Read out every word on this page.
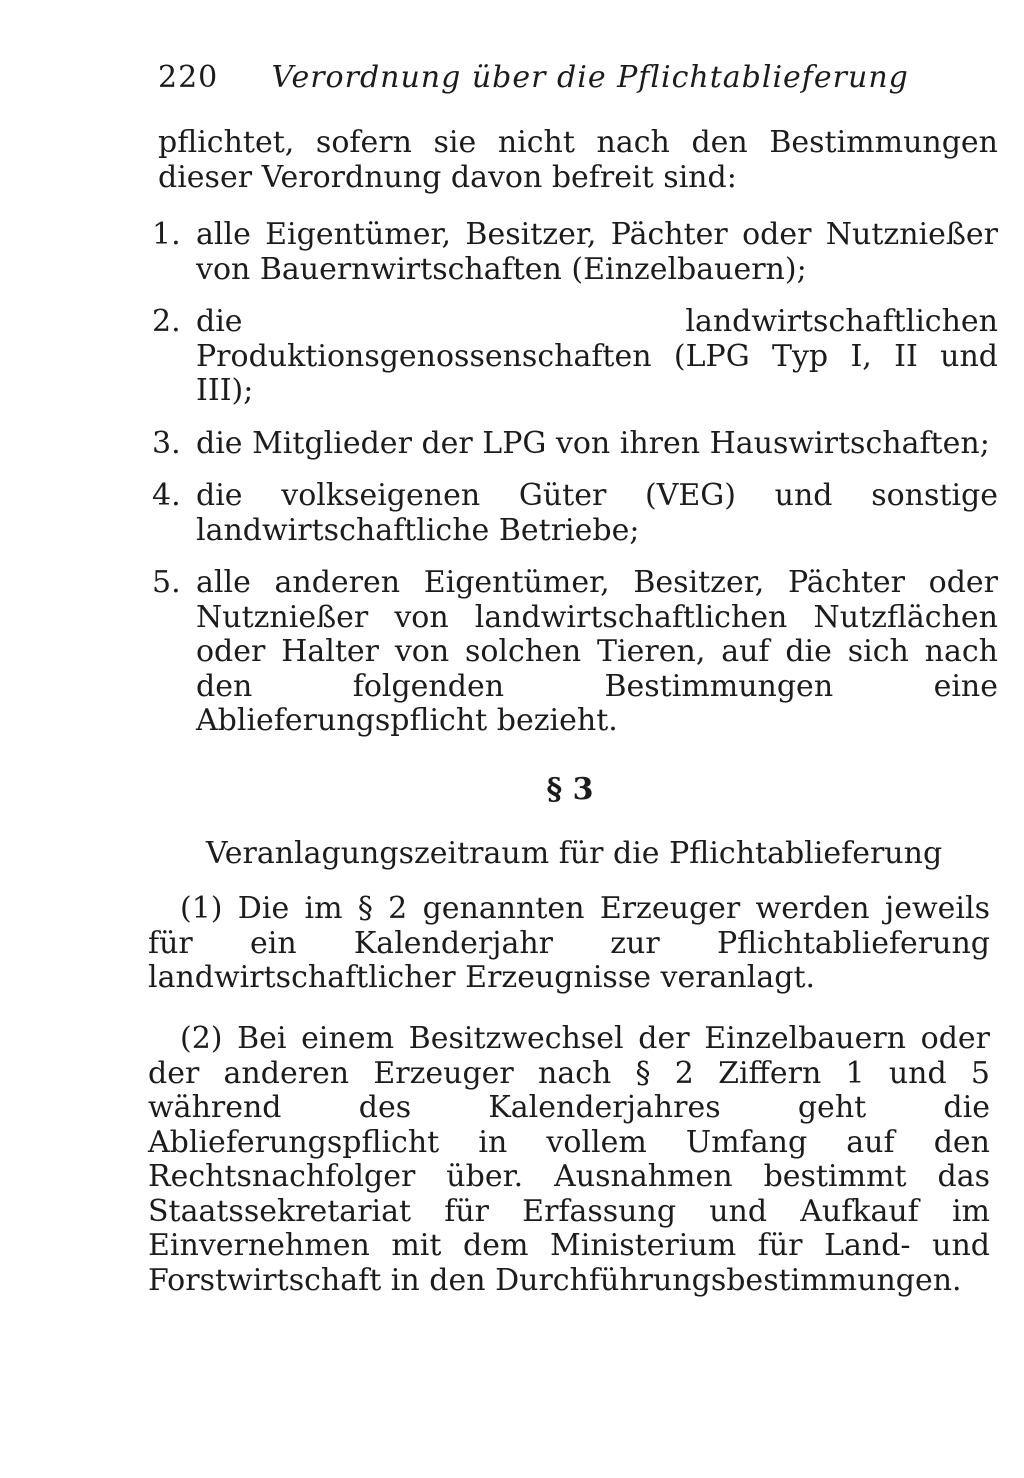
220 Verordnung über die Pflichtablieferung
pflichtet, sofern sie nicht nach den Bestimmungen dieser Verordnung davon befreit sind:
1. alle Eigentümer, Besitzer, Pächter oder Nutznießer von Bauernwirtschaften (Einzelbauern);
2. die landwirtschaftlichen Produktionsgenossenschaften (LPG Typ I, II und III);
3. die Mitglieder der LPG von ihren Hauswirtschaften;
4. die volkseigenen Güter (VEG) und sonstige landwirtschaftliche Betriebe;
5. alle anderen Eigentümer, Besitzer, Pächter oder Nutznießer von landwirtschaftlichen Nutzflächen oder Halter von solchen Tieren, auf die sich nach den folgenden Bestimmungen eine Ablieferungspflicht bezieht.
§ 3
Veranlagungszeitraum für die Pflichtablieferung

(1) Die im § 2 genannten Erzeuger werden jeweils für ein Kalenderjahr zur Pflichtablieferung landwirtschaftlicher Erzeugnisse veranlagt.

(2) Bei einem Besitzwechsel der Einzelbauern oder der anderen Erzeuger nach § 2 Ziffern 1 und 5 während des Kalenderjahres geht die Ablieferungspflicht in vollem Umfang auf den Rechtsnachfolger über. Ausnahmen bestimmt das Staatssekretariat für Erfassung und Aufkauf im Einvernehmen mit dem Ministerium für Land- und Forstwirtschaft in den Durchführungsbestimmungen.
